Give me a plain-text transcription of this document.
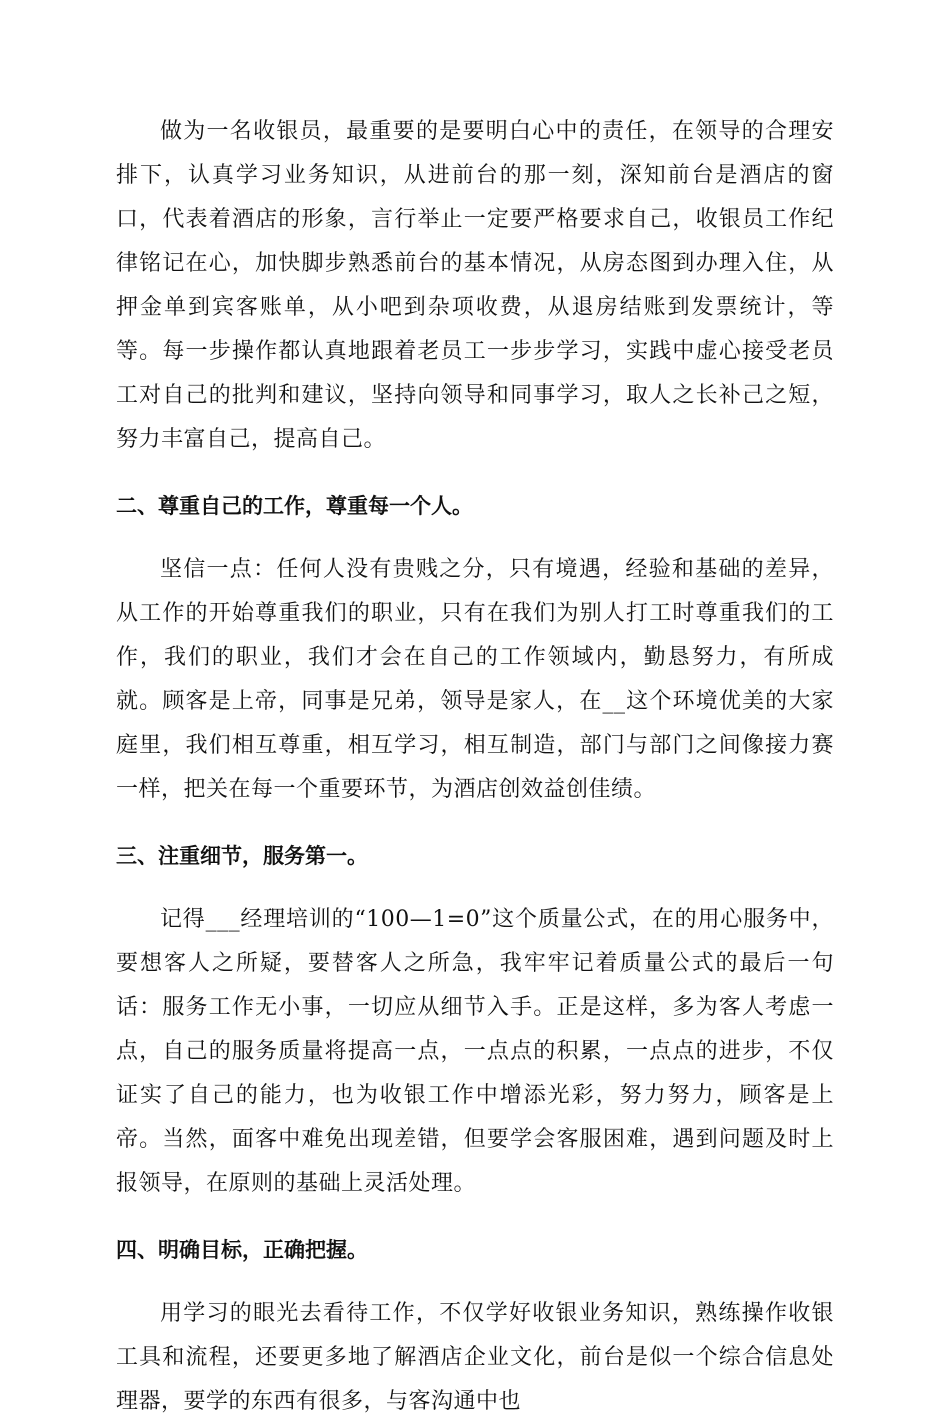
做为一名收银员，最重要的是要明白心中的责任，在领导的合理安排下，认真学习业务知识，从进前台的那一刻，深知前台是酒店的窗口，代表着酒店的形象，言行举止一定要严格要求自己，收银员工作纪律铭记在心，加快脚步熟悉前台的基本情况，从房态图到办理入住，从押金单到宾客账单，从小吧到杂项收费，从退房结账到发票统计，等等。每一步操作都认真地跟着老员工一步步学习，实践中虚心接受老员工对自己的批判和建议，坚持向领导和同事学习，取人之长补己之短，努力丰富自己，提高自己。

二、尊重自己的工作，尊重每一个人。

坚信一点：任何人没有贵贱之分，只有境遇，经验和基础的差异，从工作的开始尊重我们的职业，只有在我们为别人打工时尊重我们的工作，我们的职业，我们才会在自己的工作领域内，勤恳努力，有所成就。顾客是上帝，同事是兄弟，领导是家人，在__这个环境优美的大家庭里，我们相互尊重，相互学习，相互制造，部门与部门之间像接力赛一样，把关在每一个重要环节，为酒店创效益创佳绩。

三、注重细节，服务第一。

记得___经理培训的“100—1=0”这个质量公式，在的用心服务中，要想客人之所疑，要替客人之所急，我牢牢记着质量公式的最后一句话：服务工作无小事，一切应从细节入手。正是这样，多为客人考虑一点，自己的服务质量将提高一点，一点点的积累，一点点的进步，不仅证实了自己的能力，也为收银工作中增添光彩，努力努力，顾客是上帝。当然，面客中难免出现差错，但要学会客服困难，遇到问题及时上报领导，在原则的基础上灵活处理。

四、明确目标，正确把握。

用学习的眼光去看待工作，不仅学好收银业务知识，熟练操作收银工具和流程，还要更多地了解酒店企业文化，前台是似一个综合信息处理器，要学的东西有很多，与客沟通中也
